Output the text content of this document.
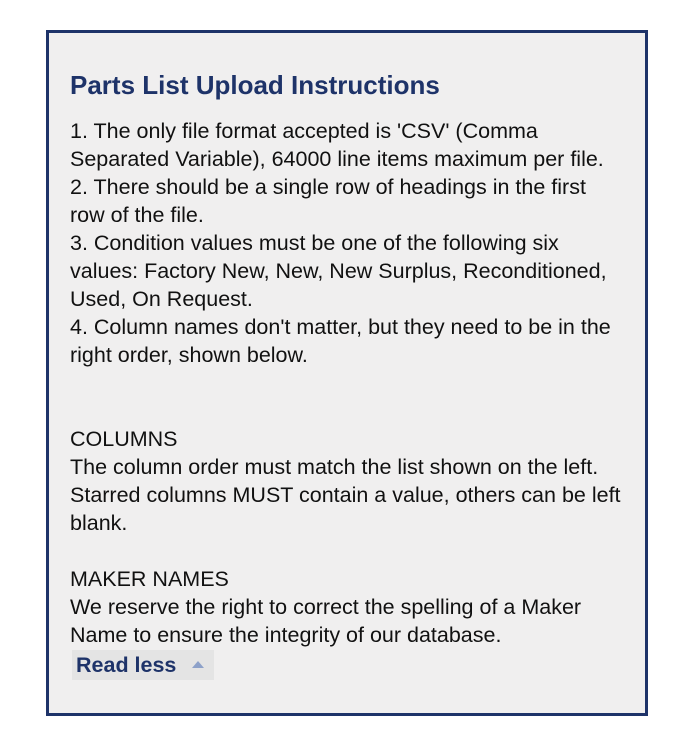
Parts List Upload Instructions

1. The only file format accepted is 'CSV' (Comma Separated Variable), 64000 line items maximum per file.

2. There should be a single row of headings in the first row of the file.

3. Condition values must be one of the following six values: Factory New, New, New Surplus, Reconditioned, Used, On Request.

4. Column names don't matter, but they need to be in the right order, shown below.

COLUMNS

The column order must match the list shown on the left. Starred columns MUST contain a value, others can be left blank.

MAKER NAMES

We reserve the right to correct the spelling of a Maker Name to ensure the integrity of our database.

Read less
